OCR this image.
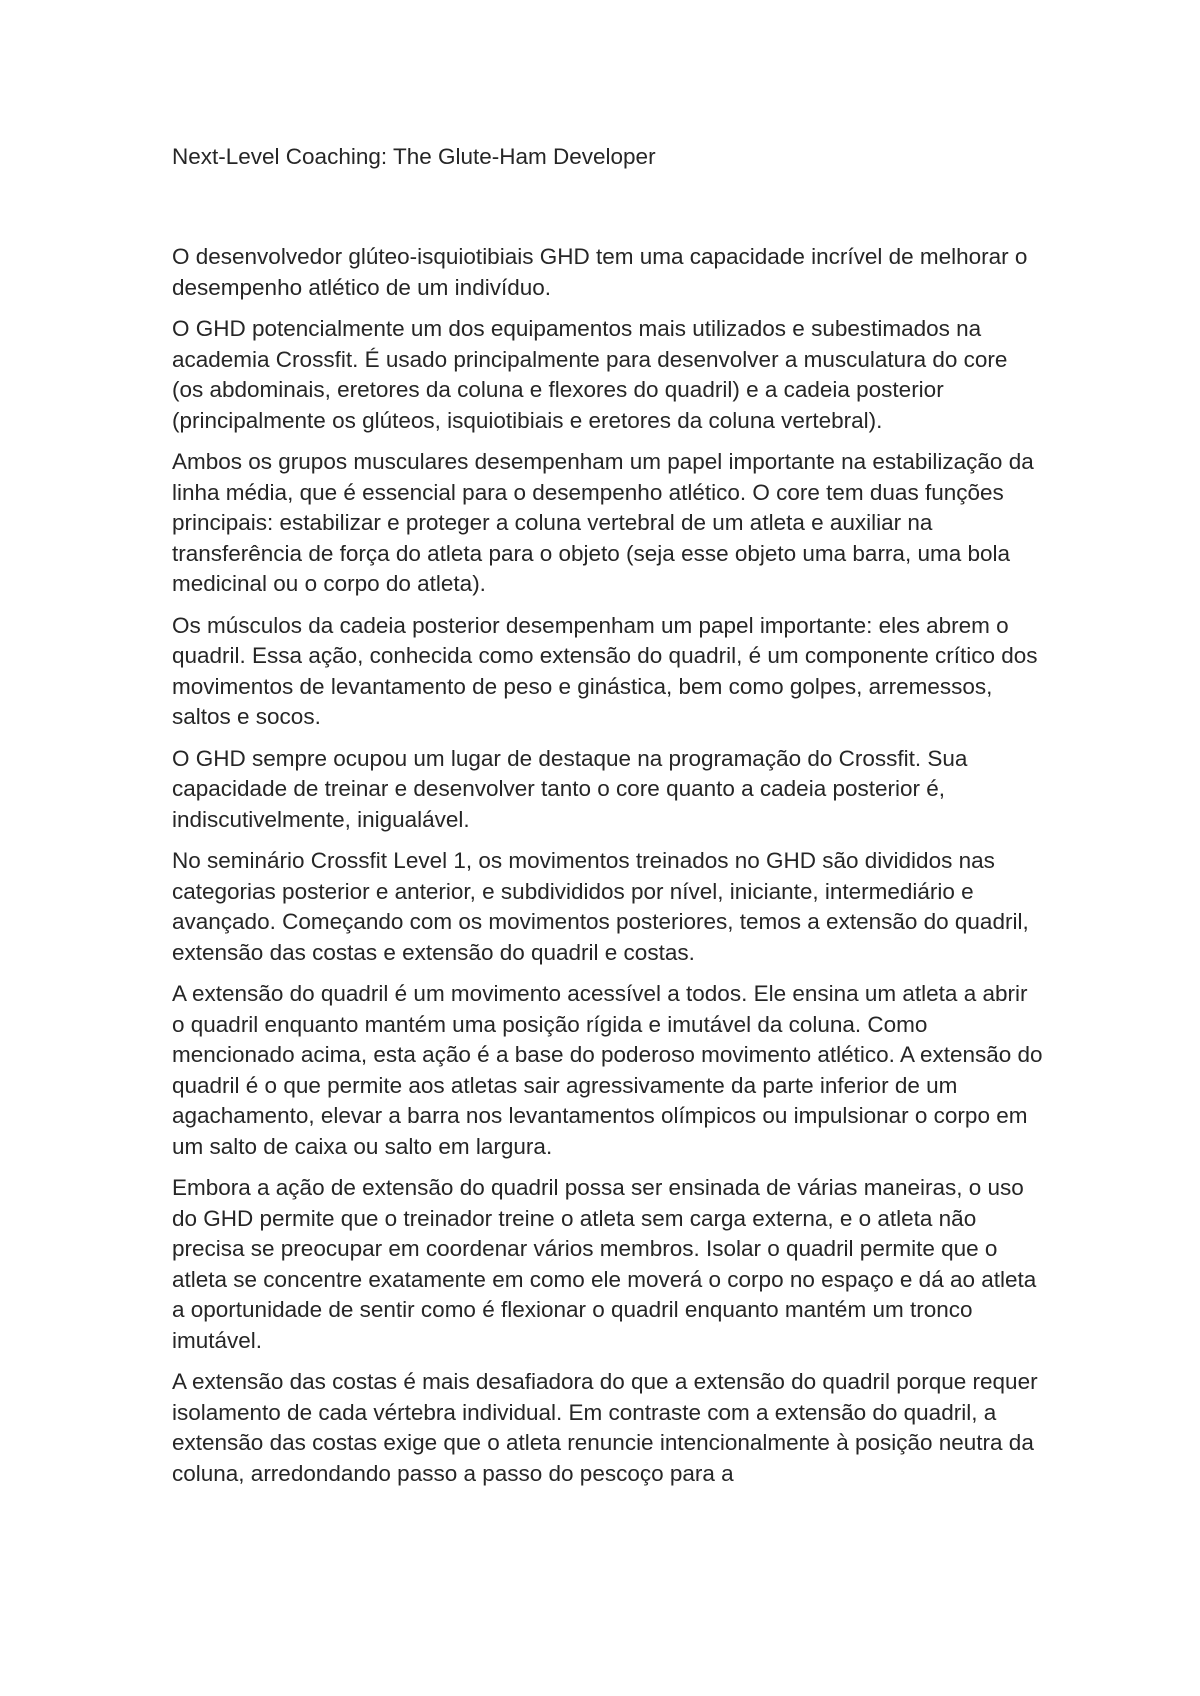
Next-Level Coaching: The Glute-Ham Developer

O desenvolvedor glúteo-isquiotibiais GHD tem uma capacidade incrível de melhorar o desempenho atlético de um indivíduo.

O GHD potencialmente um dos equipamentos mais utilizados e subestimados na academia Crossfit. É usado principalmente para desenvolver a musculatura do core (os abdominais, eretores da coluna e flexores do quadril) e a cadeia posterior (principalmente os glúteos, isquiotibiais e eretores da coluna vertebral).

Ambos os grupos musculares desempenham um papel importante na estabilização da linha média, que é essencial para o desempenho atlético. O core tem duas funções principais: estabilizar e proteger a coluna vertebral de um atleta e auxiliar na transferência de força do atleta para o objeto (seja esse objeto uma barra, uma bola medicinal ou o corpo do atleta).

Os músculos da cadeia posterior desempenham um papel importante: eles abrem o quadril. Essa ação, conhecida como extensão do quadril, é um componente crítico dos movimentos de levantamento de peso e ginástica, bem como golpes, arremessos, saltos e socos.

O GHD sempre ocupou um lugar de destaque na programação do Crossfit. Sua capacidade de treinar e desenvolver tanto o core quanto a cadeia posterior é, indiscutivelmente, inigualável.

No seminário Crossfit Level 1, os movimentos treinados no GHD são divididos nas categorias posterior e anterior, e subdivididos por nível, iniciante, intermediário e avançado. Começando com os movimentos posteriores, temos a extensão do quadril, extensão das costas e extensão do quadril e costas.

A extensão do quadril é um movimento acessível a todos. Ele ensina um atleta a abrir o quadril enquanto mantém uma posição rígida e imutável da coluna. Como mencionado acima, esta ação é a base do poderoso movimento atlético. A extensão do quadril é o que permite aos atletas sair agressivamente da parte inferior de um agachamento, elevar a barra nos levantamentos olímpicos ou impulsionar o corpo em um salto de caixa ou salto em largura.

Embora a ação de extensão do quadril possa ser ensinada de várias maneiras, o uso do GHD permite que o treinador treine o atleta sem carga externa, e o atleta não precisa se preocupar em coordenar vários membros. Isolar o quadril permite que o atleta se concentre exatamente em como ele moverá o corpo no espaço e dá ao atleta a oportunidade de sentir como é flexionar o quadril enquanto mantém um tronco imutável.

A extensão das costas é mais desafiadora do que a extensão do quadril porque requer isolamento de cada vértebra individual. Em contraste com a extensão do quadril, a extensão das costas exige que o atleta renuncie intencionalmente à posição neutra da coluna, arredondando passo a passo do pescoço para a
